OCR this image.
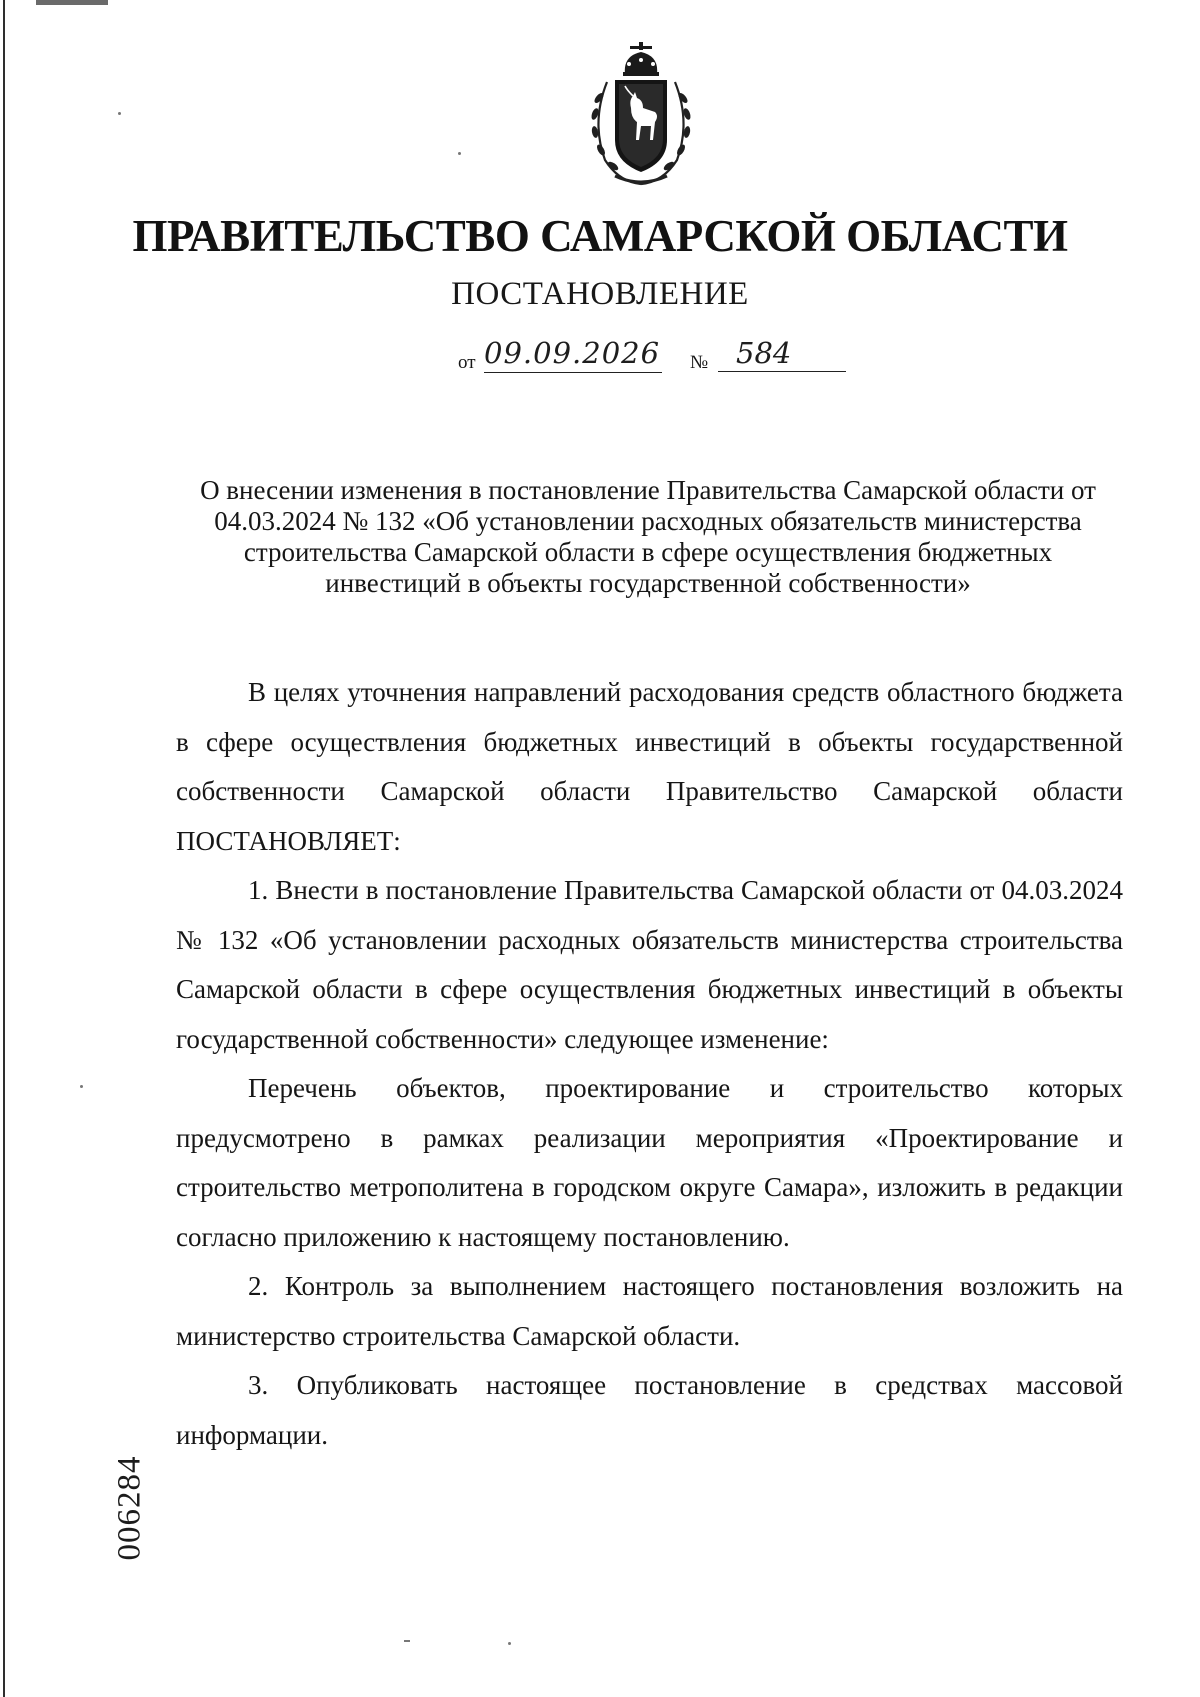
ПРАВИТЕЛЬСТВО САМАРСКОЙ ОБЛАСТИ
ПОСТАНОВЛЕНИЕ
от 09.09.2026 № 584
О внесении изменения в постановление Правительства Самарской области от 04.03.2024 № 132 «Об установлении расходных обязательств министерства строительства Самарской области в сфере осуществления бюджетных инвестиций в объекты государственной собственности»

В целях уточнения направлений расходования средств областного бюджета в сфере осуществления бюджетных инвестиций в объекты государственной собственности Самарской области Правительство Самарской области ПОСТАНОВЛЯЕТ:

1. Внести в постановление Правительства Самарской области от 04.03.2024 № 132 «Об установлении расходных обязательств министерства строительства Самарской области в сфере осуществления бюджетных инвестиций в объекты государственной собственности» следующее изменение:

Перечень объектов, проектирование и строительство которых предусмотрено в рамках реализации мероприятия «Проектирование и строительство метрополитена в городском округе Самара», изложить в редакции согласно приложению к настоящему постановлению.

2. Контроль за выполнением настоящего постановления возложить на министерство строительства Самарской области.

3. Опубликовать настоящее постановление в средствах массовой информации.

006284
